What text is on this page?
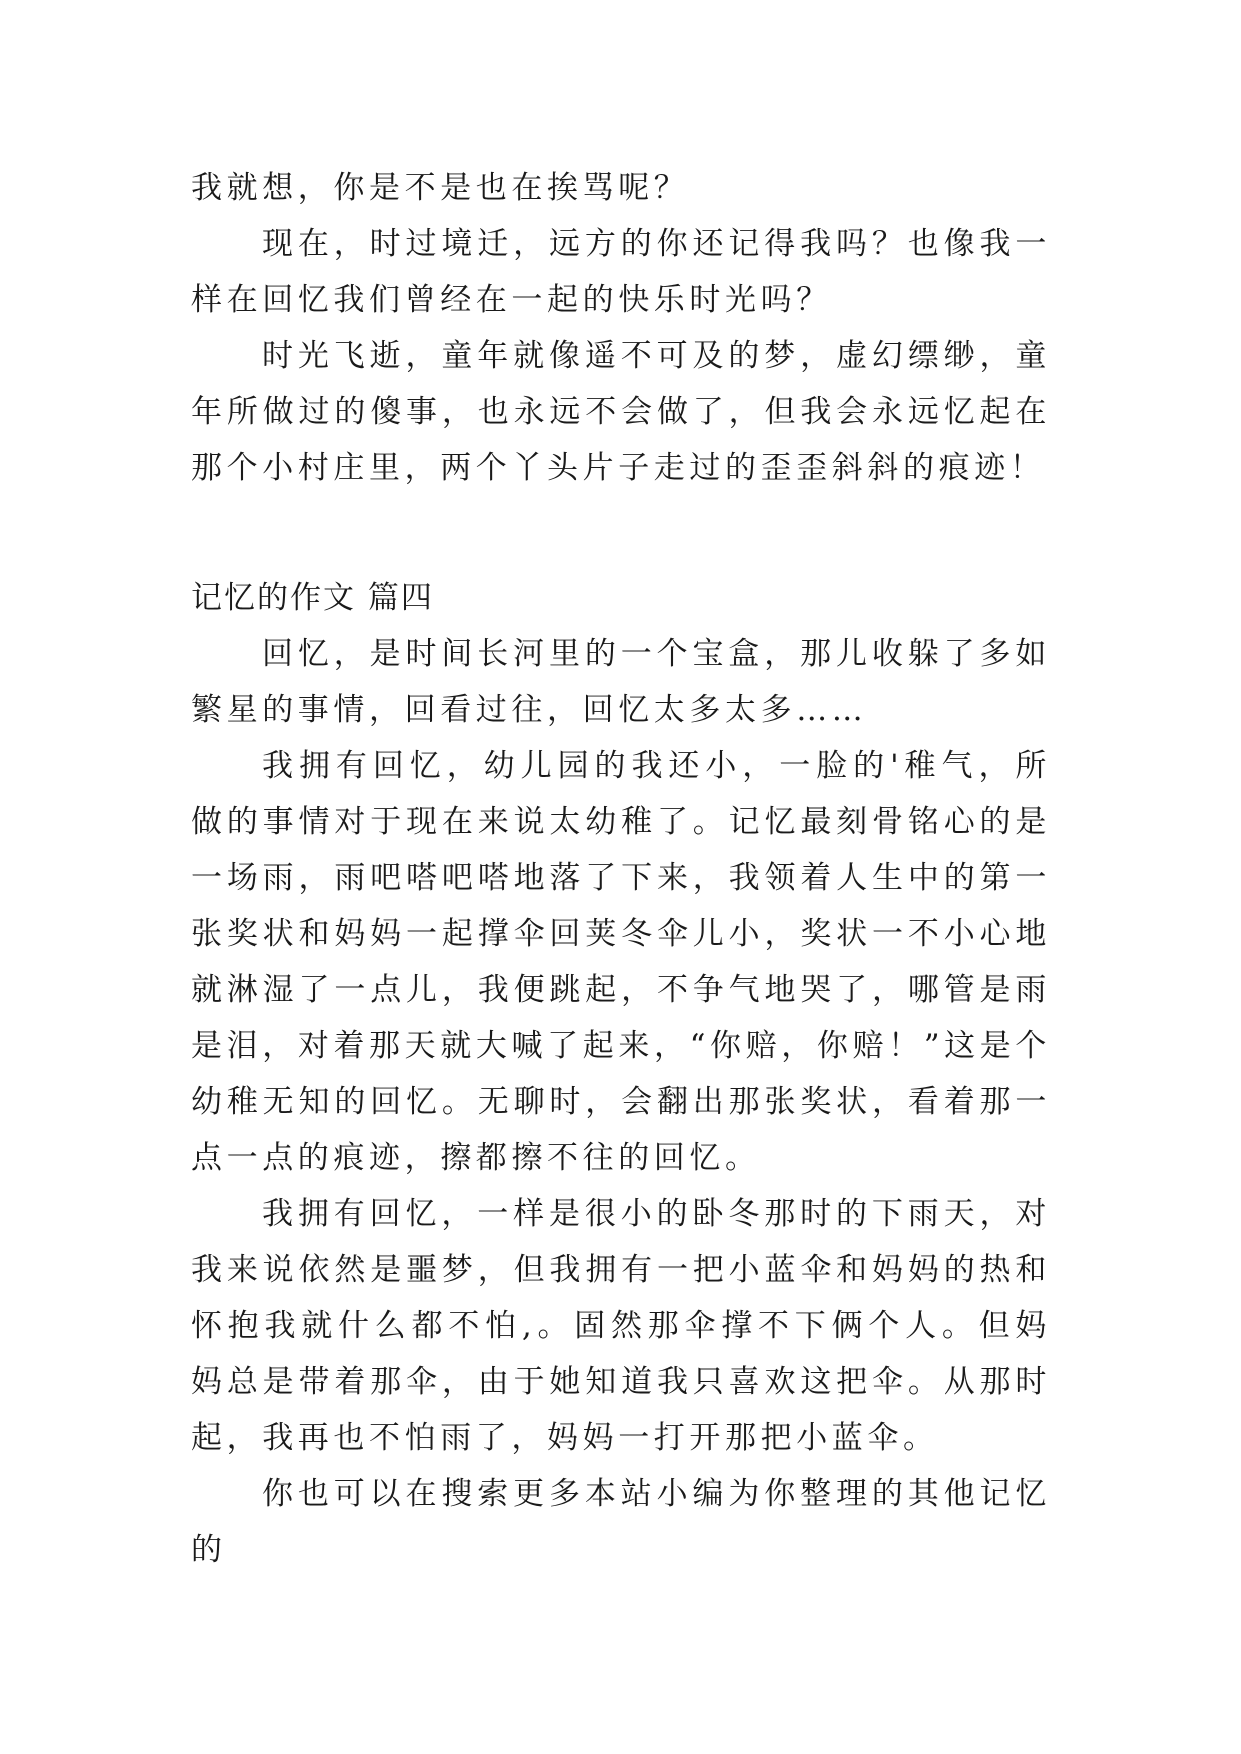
我就想，你是不是也在挨骂呢？

现在，时过境迁，远方的你还记得我吗？也像我一样在回忆我们曾经在一起的快乐时光吗？

时光飞逝，童年就像遥不可及的梦，虚幻缥缈，童年所做过的傻事，也永远不会做了，但我会永远忆起在那个小村庄里，两个丫头片子走过的歪歪斜斜的痕迹！

记忆的作文 篇四

回忆，是时间长河里的一个宝盒，那儿收躲了多如繁星的事情，回看过往，回忆太多太多……

我拥有回忆，幼儿园的我还小，一脸的'稚气，所做的事情对于现在来说太幼稚了。记忆最刻骨铭心的是一场雨，雨吧嗒吧嗒地落了下来，我领着人生中的第一张奖状和妈妈一起撑伞回荚冬伞儿小，奖状一不小心地就淋湿了一点儿，我便跳起，不争气地哭了，哪管是雨是泪，对着那天就大喊了起来，“你赔，你赔！”这是个幼稚无知的回忆。无聊时，会翻出那张奖状，看着那一点一点的痕迹，擦都擦不往的回忆。

我拥有回忆，一样是很小的卧冬那时的下雨天，对我来说依然是噩梦，但我拥有一把小蓝伞和妈妈的热和怀抱我就什么都不怕,。固然那伞撑不下俩个人。但妈妈总是带着那伞，由于她知道我只喜欢这把伞。从那时起，我再也不怕雨了，妈妈一打开那把小蓝伞。

你也可以在搜索更多本站小编为你整理的其他记忆的
